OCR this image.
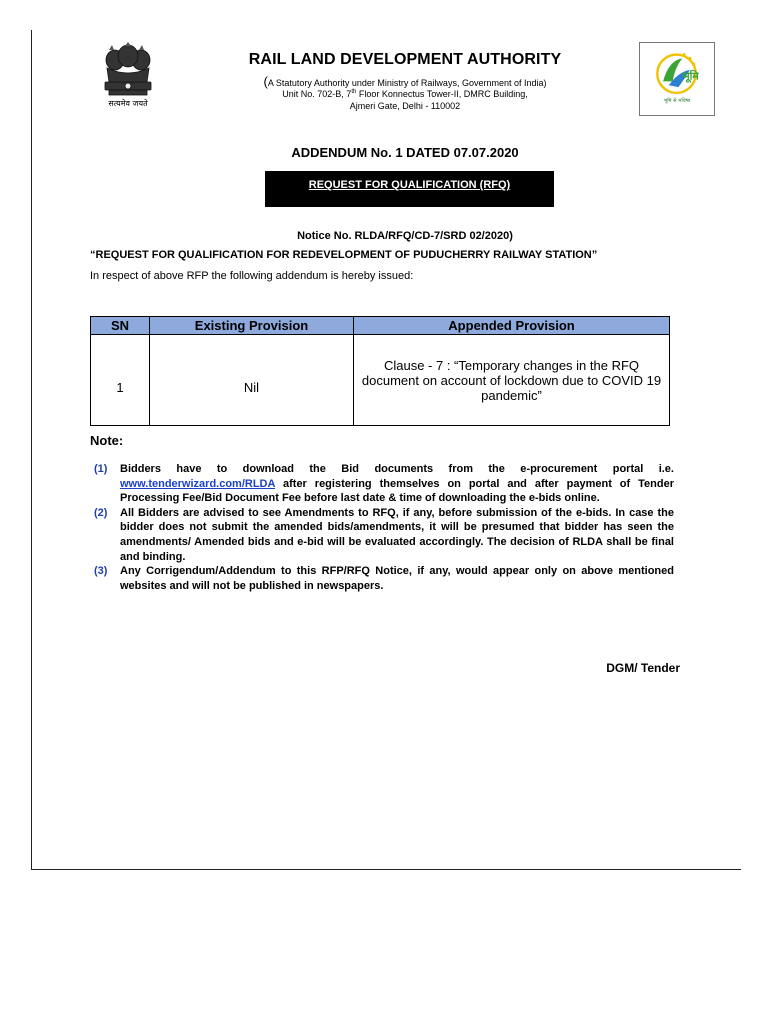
सत्यमेव जयते
RAIL LAND DEVELOPMENT AUTHORITY
(A Statutory Authority under Ministry of Railways, Government of India)
Unit No. 702-B, 7th Floor Konnectus Tower-II, DMRC Building,
Ajmeri Gate, Delhi - 110002
भूमि
भूमि से भविष्य
ADDENDUM No. 1 DATED 07.07.2020
REQUEST FOR QUALIFICATION (RFQ)
Notice No. RLDA/RFQ/CD-7/SRD 02/2020)
“REQUEST FOR QUALIFICATION FOR REDEVELOPMENT OF PUDUCHERRY RAILWAY STATION”
In respect of above RFP the following addendum is hereby issued:
SN	Existing Provision	Appended Provision
1	Nil	Clause - 7 : “Temporary changes in the RFQ document on account of lockdown due to COVID 19 pandemic”
Note:
(1) Bidders have to download the Bid documents from the e-procurement portal i.e. www.tenderwizard.com/RLDA after registering themselves on portal and after payment of Tender Processing Fee/Bid Document Fee before last date & time of downloading the e-bids online.
(2) All Bidders are advised to see Amendments to RFQ, if any, before submission of the e-bids. In case the bidder does not submit the amended bids/amendments, it will be presumed that bidder has seen the amendments/ Amended bids and e-bid will be evaluated accordingly. The decision of RLDA shall be final and binding.
(3) Any Corrigendum/Addendum to this RFP/RFQ Notice, if any, would appear only on above mentioned websites and will not be published in newspapers.
DGM/ Tender
